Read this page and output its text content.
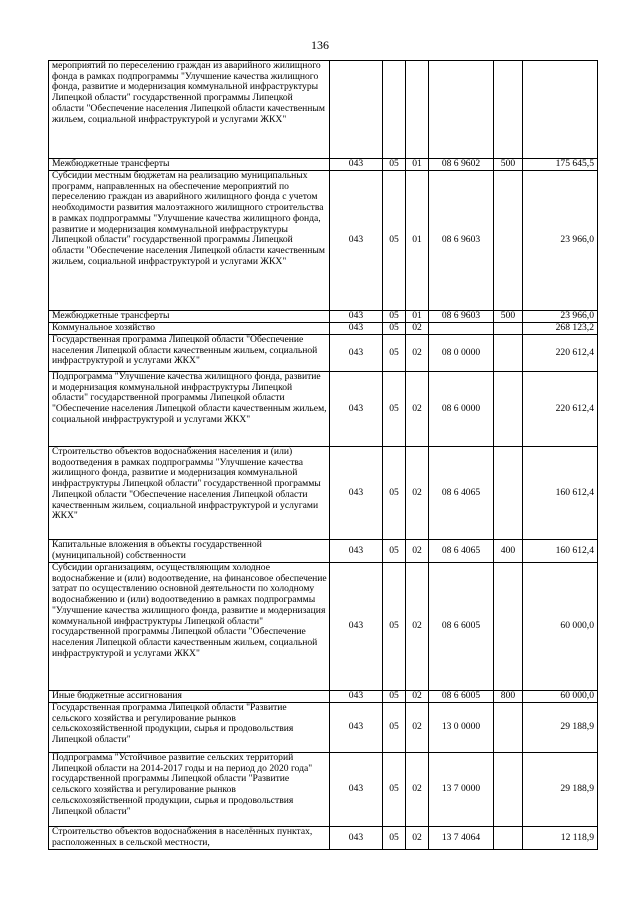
136
мероприятий по переселению граждан из аварийного жилищного фонда в рамках подпрограммы "Улучшение качества жилищного фонда, развитие и модернизация коммунальной инфраструктуры Липецкой области" государственной программы Липецкой области "Обеспечение населения Липецкой области качественным жильем, социальной инфраструктурой и услугами ЖКХ"						
Межбюджетные трансферты	043	05	01	08 6 9602	500	175 645,5
Субсидии местным бюджетам на реализацию муниципальных программ, направленных на обеспечение мероприятий по переселению граждан из аварийного жилищного фонда с учетом необходимости развития малоэтажного жилищного строительства в рамках подпрограммы "Улучшение качества жилищного фонда, развитие и модернизация коммунальной инфраструктуры Липецкой области" государственной программы Липецкой области "Обеспечение населения Липецкой области качественным жильем, социальной инфраструктурой и услугами ЖКХ"	043	05	01	08 6 9603		23 966,0
Межбюджетные трансферты	043	05	01	08 6 9603	500	23 966,0
Коммунальное хозяйство	043	05	02			268 123,2
Государственная программа Липецкой области "Обеспечение населения Липецкой области качественным жильем, социальной инфраструктурой и услугами ЖКХ"	043	05	02	08 0 0000		220 612,4
Подпрограмма "Улучшение качества жилищного фонда, развитие и модернизация коммунальной инфраструктуры Липецкой области" государственной программы Липецкой области "Обеспечение населения Липецкой области качественным жильем, социальной инфраструктурой и услугами ЖКХ"	043	05	02	08 6 0000		220 612,4
Строительство объектов водоснабжения населения и (или) водоотведения в рамках подпрограммы "Улучшение качества жилищного фонда, развитие и модернизация коммунальной инфраструктуры Липецкой области" государственной программы Липецкой области "Обеспечение населения Липецкой области качественным жильем, социальной инфраструктурой и услугами ЖКХ"	043	05	02	08 6 4065		160 612,4
Капитальные вложения в объекты государственной (муниципальной) собственности	043	05	02	08 6 4065	400	160 612,4
Субсидии организациям, осуществляющим холодное водоснабжение и (или) водоотведение, на финансовое обеспечение затрат по осуществлению основной деятельности по холодному водоснабжению и (или) водоотведению в рамках подпрограммы "Улучшение качества жилищного фонда, развитие и модернизация коммунальной инфраструктуры Липецкой области" государственной программы Липецкой области "Обеспечение населения Липецкой области качественным жильем, социальной инфраструктурой и услугами ЖКХ"	043	05	02	08 6 6005		60 000,0
Иные бюджетные ассигнования	043	05	02	08 6 6005	800	60 000,0
Государственная программа Липецкой области "Развитие сельского хозяйства и регулирование рынков сельскохозяйственной продукции, сырья и продовольствия Липецкой области"	043	05	02	13 0 0000		29 188,9
Подпрограмма "Устойчивое развитие сельских территорий Липецкой области на 2014-2017 годы и на период до 2020 года" государственной программы Липецкой области "Развитие сельского хозяйства и регулирование рынков сельскохозяйственной продукции, сырья и продовольствия Липецкой области"	043	05	02	13 7 0000		29 188,9
Строительство объектов водоснабжения в населённых пунктах, расположенных в сельской местности,	043	05	02	13 7 4064		12 118,9
